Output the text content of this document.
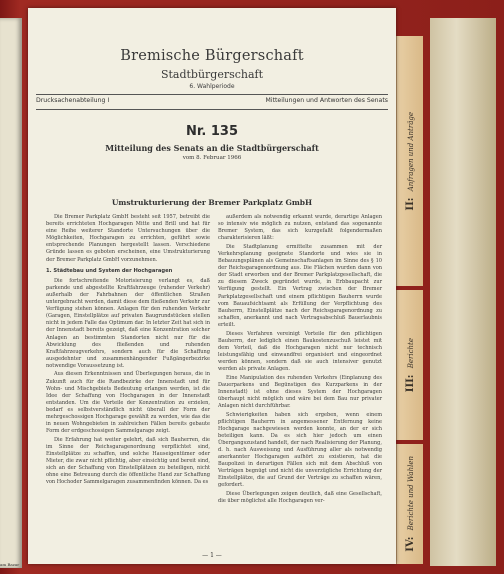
am Bazar
II: Anfragen und Anträge
III: Berichte
IV: Berichte und Wahlen
Bremische Bürgerschaft
Stadtbürgerschaft
6. Wahlperiode
Drucksachenabteilung I	Mitteilungen und Antworten des Senats
Nr. 135
Mitteilung des Senats an die Stadtbürgerschaft
vom 8. Februar 1966
Umstrukturierung der Bremer Parkplatz GmbH

Die Bremer Parkplatz GmbH besteht seit 1957, betreibt die bereits errichteten Hochgaragen Mitte und Brill und hat für eine Reihe weiterer Standorte Untersuchungen über die Möglichkeiten, Hochgaragen zu errichten, geführt sowie entsprechende Planungen hergestellt lassen. Verschiedene Gründe lassen es geboten erscheinen, eine Umstrukturierung der Bremer Parkplatz GmbH vorzunehmen.

1. Städtebau und System der Hochgaragen

Die fortschreitende Motorisierung verlangt es, daß parkende und abgestellte Kraftfahrzeuge (ruhender Verkehr) außerhalb der Fahrbahnen der öffentlichen Straßen untergebracht werden, damit diese dem fließenden Verkehr zur Verfügung stehen können. Anlagen für den ruhenden Verkehr (Garagen, Einstellplätze auf privaten Baugrundstücken stellen nicht in jedem Falle das Optimum dar. In letzter Zeit hat sich in der Innenstadt bereits gezeigt, daß eine Konzentration solcher Anlagen an bestimmten Standorten nicht nur für die Abwicklung des fließenden und ruhenden Kraftfahrzeugverkehrs, sondern auch für die Schaffung ausgedehnter und zusammenhängender Fußgängerbezirke notwendige Voraussetzung ist.

Aus diesen Erkenntnissen und Überlegungen heraus, die in Zukunft auch für die Randbezirke der Innenstadt und für Wohn- und Mischgebiets Bedeutung erlangen werden, ist die Idee der Schaffung von Hochgaragen in der Innenstadt entstanden. Um die Vorteile der Konzentration zu erzielen, bedarf es selbstverständlich nicht überall der Form der mehrgeschossigen Hochgarage gewählt zu werden, wie das die in neuen Wohngebieten in zahlreichen Fällen bereits gebaute Form der erdgeschossigen Sammelgarage zeigt.

Die Erfahrung hat weiter gelehrt, daß sich Bauherren, die im Sinne der Reichsgaragenordnung verpflichtet sind, Einstellplätze zu schaffen, und solche Hauseigentümer oder Mieter, die zwar nicht pflichtig, aber einsichtig und bereit sind, sich an der Schaffung von Einstellplätzen zu beteiligen, nicht ohne eine Betreuung durch die öffentliche Hand zur Schaffung von Hochoder Sammelgaragen zusammenfinden können. Da es

außerdem als notwendig erkannt wurde, derartige Anlagen so intensiv wie möglich zu nutzen, entstand das sogenannte Bremer System, das sich kurzgefaßt folgendermaßen charakterisieren läßt:

Die Stadtplanung ermittelte zusammen mit der Verkehrsplanung geeignete Standorte und wies sie in Bebauungsplänen als Gemeinschaftsanlagen im Sinne des § 10 der Reichsgaragenordnung aus. Die Flächen wurden dann von der Stadt erworben und der Bremer Parkplatzgesellschaft, die zu diesem Zweck gegründet wurde, in Erbbaupacht zur Verfügung gestellt. Ein Vertrag zwischen der Bremer Parkplatzgesellschaft und einem pflichtigen Bauherrn wurde vom Bauaufsichtsamt als Erfüllung der Verpflichtung des Bauherrn, Einstellplätze nach der Reichsgaragenordnung zu schaffen, anerkannt und nach Vertragsabschluß Bauerlaubnis erteilt.

Dieses Verfahren vereinigt Vorteile für den pflichtigen Bauherrn, der lediglich einen Baukostenzuschuß leistet mit dem Vorteil, daß die Hochgaragen nicht nur technisch leistungsfähig und einwandfrei organisiert und eingeordnet werden können, sondern daß sie auch intensiver genutzt werden als private Anlagen.

Eine Manipulation des ruhenden Verkehrs (Einplanung des Dauerparkens und Begünstigen des Kurzparkens in der Innenstadt) ist ohne dieses System der Hochgaragen überhaupt nicht möglich und wäre bei dem Bau nur privater Anlagen nicht durchführbar.

Schwierigkeiten haben sich ergeben, wenn einem pflichtigen Bauherrn in angemessener Entfernung keine Hochgarage nachgewiesen werden konnte, an der er sich beteiligen kann. Da es sich hier jedoch um einen Übergangszustand handelt, der nach Realisierung der Planung, d. h. nach Ausweisung und Ausführung aller als notwendig anerkannter Hochgaragen aufhört zu existieren, hat die Baupolizei in derartigen Fällen sich mit dem Abschluß von Verträgen begnügt und nicht die unverzügliche Errichtung der Einstellplätze, die auf Grund der Verträge zu schaffen wären, gefordert.

Diese Überlegungen zeigen deutlich, daß eine Gesellschaft, die über möglichst alle Hochgaragen ver-

— 1 —
